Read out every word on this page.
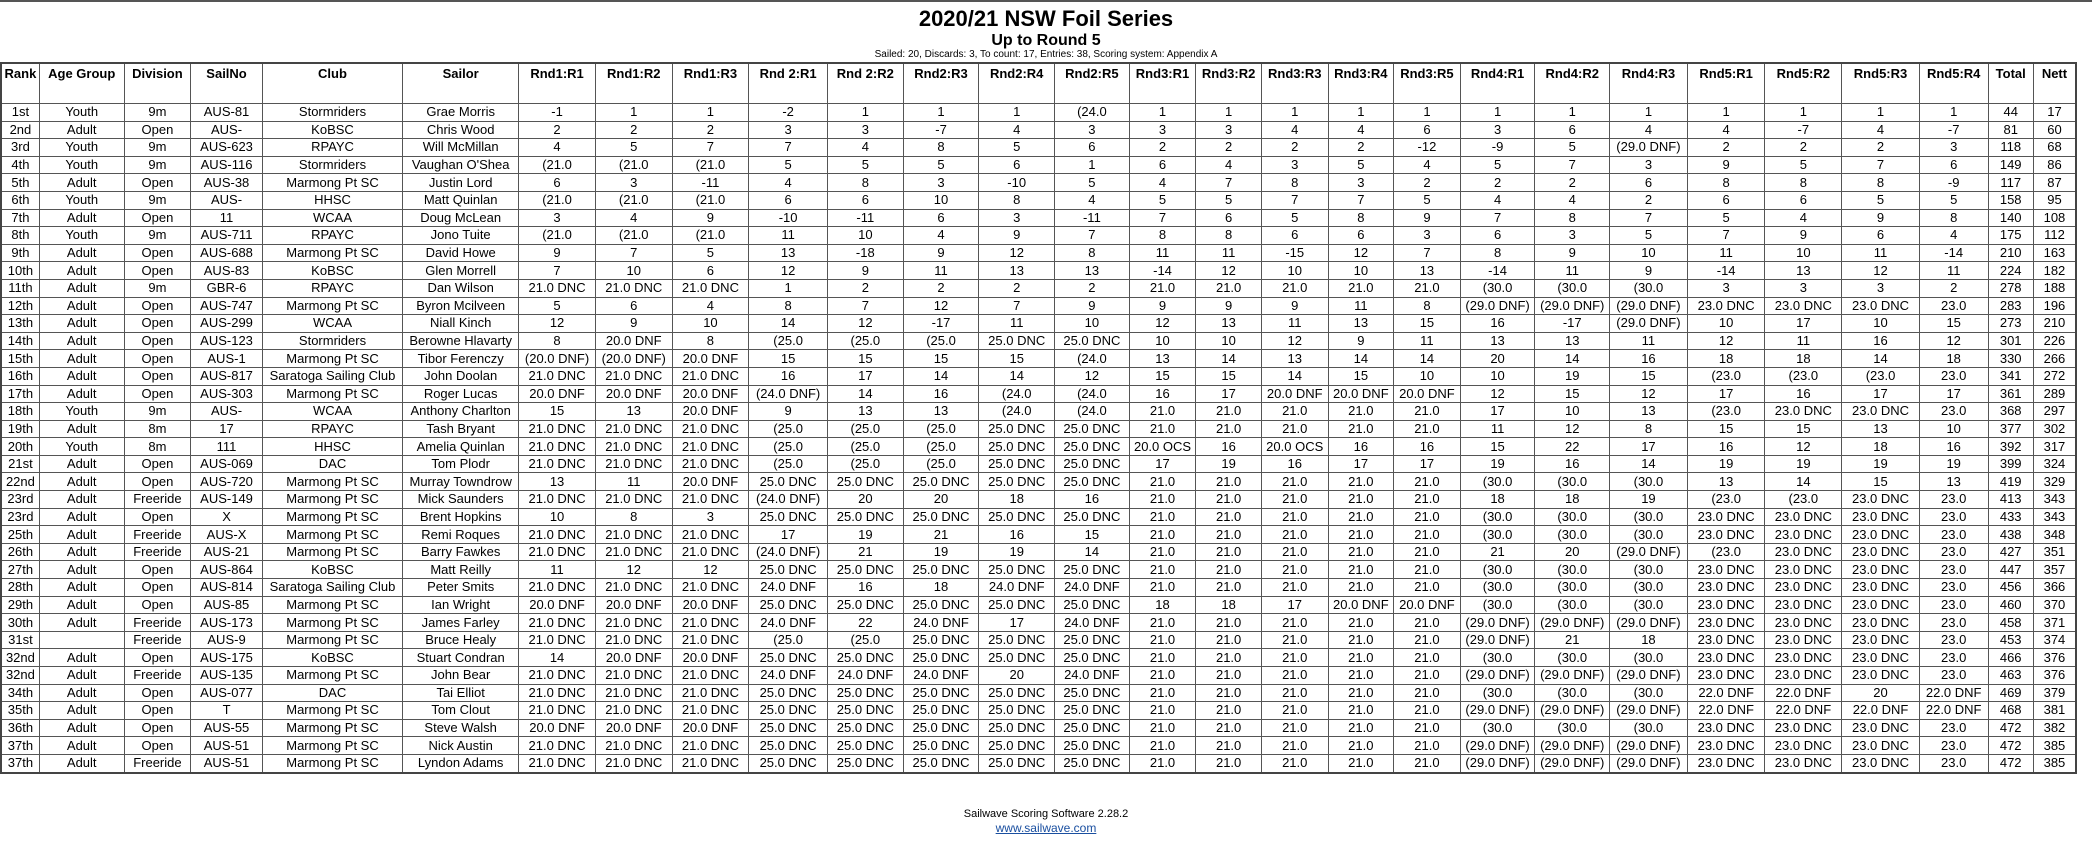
2020/21 NSW Foil Series
Up to Round 5
Sailed: 20, Discards: 3, To count: 17, Entries: 38, Scoring system: Appendix A
Rank	Age Group	Division	SailNo	Club	Sailor	Rnd1:R1	Rnd1:R2	Rnd1:R3	Rnd 2:R1	Rnd 2:R2	Rnd2:R3	Rnd2:R4	Rnd2:R5	Rnd3:R1	Rnd3:R2	Rnd3:R3	Rnd3:R4	Rnd3:R5	Rnd4:R1	Rnd4:R2	Rnd4:R3	Rnd5:R1	Rnd5:R2	Rnd5:R3	Rnd5:R4	Total	Nett
1st	Youth	9m	AUS-81	Stormriders	Grae Morris	-1	1	1	-2	1	1	1	(24.0	1	1	1	1	1	1	1	1	1	1	1	1	44	17
2nd	Adult	Open	AUS-	KoBSC	Chris Wood	2	2	2	3	3	-7	4	3	3	3	4	4	6	3	6	4	4	-7	4	-7	81	60
3rd	Youth	9m	AUS-623	RPAYC	Will McMillan	4	5	7	7	4	8	5	6	2	2	2	2	-12	-9	5	(29.0 DNF)	2	2	2	3	118	68
4th	Youth	9m	AUS-116	Stormriders	Vaughan O'Shea	(21.0	(21.0	(21.0	5	5	5	6	1	6	4	3	5	4	5	7	3	9	5	7	6	149	86
5th	Adult	Open	AUS-38	Marmong Pt SC	Justin Lord	6	3	-11	4	8	3	-10	5	4	7	8	3	2	2	2	6	8	8	8	-9	117	87
6th	Youth	9m	AUS-	HHSC	Matt Quinlan	(21.0	(21.0	(21.0	6	6	10	8	4	5	5	7	7	5	4	4	2	6	6	5	5	158	95
7th	Adult	Open	11	WCAA	Doug McLean	3	4	9	-10	-11	6	3	-11	7	6	5	8	9	7	8	7	5	4	9	8	140	108
8th	Youth	9m	AUS-711	RPAYC	Jono Tuite	(21.0	(21.0	(21.0	11	10	4	9	7	8	8	6	6	3	6	3	5	7	9	6	4	175	112
9th	Adult	Open	AUS-688	Marmong Pt SC	David Howe	9	7	5	13	-18	9	12	8	11	11	-15	12	7	8	9	10	11	10	11	-14	210	163
10th	Adult	Open	AUS-83	KoBSC	Glen Morrell	7	10	6	12	9	11	13	13	-14	12	10	10	13	-14	11	9	-14	13	12	11	224	182
11th	Adult	9m	GBR-6	RPAYC	Dan Wilson	21.0 DNC	21.0 DNC	21.0 DNC	1	2	2	2	2	21.0	21.0	21.0	21.0	21.0	(30.0	(30.0	(30.0	3	3	3	2	278	188
12th	Adult	Open	AUS-747	Marmong Pt SC	Byron Mcilveen	5	6	4	8	7	12	7	9	9	9	9	11	8	(29.0 DNF)	(29.0 DNF)	(29.0 DNF)	23.0 DNC	23.0 DNC	23.0 DNC	23.0	283	196
13th	Adult	Open	AUS-299	WCAA	Niall Kinch	12	9	10	14	12	-17	11	10	12	13	11	13	15	16	-17	(29.0 DNF)	10	17	10	15	273	210
14th	Adult	Open	AUS-123	Stormriders	Berowne Hlavarty	8	20.0 DNF	8	(25.0	(25.0	(25.0	25.0 DNC	25.0 DNC	10	10	12	9	11	13	13	11	12	11	16	12	301	226
15th	Adult	Open	AUS-1	Marmong Pt SC	Tibor Ferenczy	(20.0 DNF)	(20.0 DNF)	20.0 DNF	15	15	15	15	(24.0	13	14	13	14	14	20	14	16	18	18	14	18	330	266
16th	Adult	Open	AUS-817	Saratoga Sailing Club	John Doolan	21.0 DNC	21.0 DNC	21.0 DNC	16	17	14	14	12	15	15	14	15	10	10	19	15	(23.0	(23.0	(23.0	23.0	341	272
17th	Adult	Open	AUS-303	Marmong Pt SC	Roger Lucas	20.0 DNF	20.0 DNF	20.0 DNF	(24.0 DNF)	14	16	(24.0	(24.0	16	17	20.0 DNF	20.0 DNF	20.0 DNF	12	15	12	17	16	17	17	361	289
18th	Youth	9m	AUS-	WCAA	Anthony Charlton	15	13	20.0 DNF	9	13	13	(24.0	(24.0	21.0	21.0	21.0	21.0	21.0	17	10	13	(23.0	23.0 DNC	23.0 DNC	23.0	368	297
19th	Adult	8m	17	RPAYC	Tash Bryant	21.0 DNC	21.0 DNC	21.0 DNC	(25.0	(25.0	(25.0	25.0 DNC	25.0 DNC	21.0	21.0	21.0	21.0	21.0	11	12	8	15	15	13	10	377	302
20th	Youth	8m	111	HHSC	Amelia Quinlan	21.0 DNC	21.0 DNC	21.0 DNC	(25.0	(25.0	(25.0	25.0 DNC	25.0 DNC	20.0 OCS	16	20.0 OCS	16	16	15	22	17	16	12	18	16	392	317
21st	Adult	Open	AUS-069	DAC	Tom Plodr	21.0 DNC	21.0 DNC	21.0 DNC	(25.0	(25.0	(25.0	25.0 DNC	25.0 DNC	17	19	16	17	17	19	16	14	19	19	19	19	399	324
22nd	Adult	Open	AUS-720	Marmong Pt SC	Murray Towndrow	13	11	20.0 DNF	25.0 DNC	25.0 DNC	25.0 DNC	25.0 DNC	25.0 DNC	21.0	21.0	21.0	21.0	21.0	(30.0	(30.0	(30.0	13	14	15	13	419	329
23rd	Adult	Freeride	AUS-149	Marmong Pt SC	Mick Saunders	21.0 DNC	21.0 DNC	21.0 DNC	(24.0 DNF)	20	20	18	16	21.0	21.0	21.0	21.0	21.0	18	18	19	(23.0	(23.0	23.0 DNC	23.0	413	343
23rd	Adult	Open	X	Marmong Pt SC	Brent Hopkins	10	8	3	25.0 DNC	25.0 DNC	25.0 DNC	25.0 DNC	25.0 DNC	21.0	21.0	21.0	21.0	21.0	(30.0	(30.0	(30.0	23.0 DNC	23.0 DNC	23.0 DNC	23.0	433	343
25th	Adult	Freeride	AUS-X	Marmong Pt SC	Remi Roques	21.0 DNC	21.0 DNC	21.0 DNC	17	19	21	16	15	21.0	21.0	21.0	21.0	21.0	(30.0	(30.0	(30.0	23.0 DNC	23.0 DNC	23.0 DNC	23.0	438	348
26th	Adult	Freeride	AUS-21	Marmong Pt SC	Barry Fawkes	21.0 DNC	21.0 DNC	21.0 DNC	(24.0 DNF)	21	19	19	14	21.0	21.0	21.0	21.0	21.0	21	20	(29.0 DNF)	(23.0	23.0 DNC	23.0 DNC	23.0	427	351
27th	Adult	Open	AUS-864	KoBSC	Matt Reilly	11	12	12	25.0 DNC	25.0 DNC	25.0 DNC	25.0 DNC	25.0 DNC	21.0	21.0	21.0	21.0	21.0	(30.0	(30.0	(30.0	23.0 DNC	23.0 DNC	23.0 DNC	23.0	447	357
28th	Adult	Open	AUS-814	Saratoga Sailing Club	Peter Smits	21.0 DNC	21.0 DNC	21.0 DNC	24.0 DNF	16	18	24.0 DNF	24.0 DNF	21.0	21.0	21.0	21.0	21.0	(30.0	(30.0	(30.0	23.0 DNC	23.0 DNC	23.0 DNC	23.0	456	366
29th	Adult	Open	AUS-85	Marmong Pt SC	Ian Wright	20.0 DNF	20.0 DNF	20.0 DNF	25.0 DNC	25.0 DNC	25.0 DNC	25.0 DNC	25.0 DNC	18	18	17	20.0 DNF	20.0 DNF	(30.0	(30.0	(30.0	23.0 DNC	23.0 DNC	23.0 DNC	23.0	460	370
30th	Adult	Freeride	AUS-173	Marmong Pt SC	James Farley	21.0 DNC	21.0 DNC	21.0 DNC	24.0 DNF	22	24.0 DNF	17	24.0 DNF	21.0	21.0	21.0	21.0	21.0	(29.0 DNF)	(29.0 DNF)	(29.0 DNF)	23.0 DNC	23.0 DNC	23.0 DNC	23.0	458	371
31st		Freeride	AUS-9	Marmong Pt SC	Bruce Healy	21.0 DNC	21.0 DNC	21.0 DNC	(25.0	(25.0	25.0 DNC	25.0 DNC	25.0 DNC	21.0	21.0	21.0	21.0	21.0	(29.0 DNF)	21	18	23.0 DNC	23.0 DNC	23.0 DNC	23.0	453	374
32nd	Adult	Open	AUS-175	KoBSC	Stuart Condran	14	20.0 DNF	20.0 DNF	25.0 DNC	25.0 DNC	25.0 DNC	25.0 DNC	25.0 DNC	21.0	21.0	21.0	21.0	21.0	(30.0	(30.0	(30.0	23.0 DNC	23.0 DNC	23.0 DNC	23.0	466	376
32nd	Adult	Freeride	AUS-135	Marmong Pt SC	John Bear	21.0 DNC	21.0 DNC	21.0 DNC	24.0 DNF	24.0 DNF	24.0 DNF	20	24.0 DNF	21.0	21.0	21.0	21.0	21.0	(29.0 DNF)	(29.0 DNF)	(29.0 DNF)	23.0 DNC	23.0 DNC	23.0 DNC	23.0	463	376
34th	Adult	Open	AUS-077	DAC	Tai Elliot	21.0 DNC	21.0 DNC	21.0 DNC	25.0 DNC	25.0 DNC	25.0 DNC	25.0 DNC	25.0 DNC	21.0	21.0	21.0	21.0	21.0	(30.0	(30.0	(30.0	22.0 DNF	22.0 DNF	20	22.0 DNF	469	379
35th	Adult	Open	T	Marmong Pt SC	Tom Clout	21.0 DNC	21.0 DNC	21.0 DNC	25.0 DNC	25.0 DNC	25.0 DNC	25.0 DNC	25.0 DNC	21.0	21.0	21.0	21.0	21.0	(29.0 DNF)	(29.0 DNF)	(29.0 DNF)	22.0 DNF	22.0 DNF	22.0 DNF	22.0 DNF	468	381
36th	Adult	Open	AUS-55	Marmong Pt SC	Steve Walsh	20.0 DNF	20.0 DNF	20.0 DNF	25.0 DNC	25.0 DNC	25.0 DNC	25.0 DNC	25.0 DNC	21.0	21.0	21.0	21.0	21.0	(30.0	(30.0	(30.0	23.0 DNC	23.0 DNC	23.0 DNC	23.0	472	382
37th	Adult	Open	AUS-51	Marmong Pt SC	Nick Austin	21.0 DNC	21.0 DNC	21.0 DNC	25.0 DNC	25.0 DNC	25.0 DNC	25.0 DNC	25.0 DNC	21.0	21.0	21.0	21.0	21.0	(29.0 DNF)	(29.0 DNF)	(29.0 DNF)	23.0 DNC	23.0 DNC	23.0 DNC	23.0	472	385
37th	Adult	Freeride	AUS-51	Marmong Pt SC	Lyndon Adams	21.0 DNC	21.0 DNC	21.0 DNC	25.0 DNC	25.0 DNC	25.0 DNC	25.0 DNC	25.0 DNC	21.0	21.0	21.0	21.0	21.0	(29.0 DNF)	(29.0 DNF)	(29.0 DNF)	23.0 DNC	23.0 DNC	23.0 DNC	23.0	472	385
Sailwave Scoring Software 2.28.2
www.sailwave.com
